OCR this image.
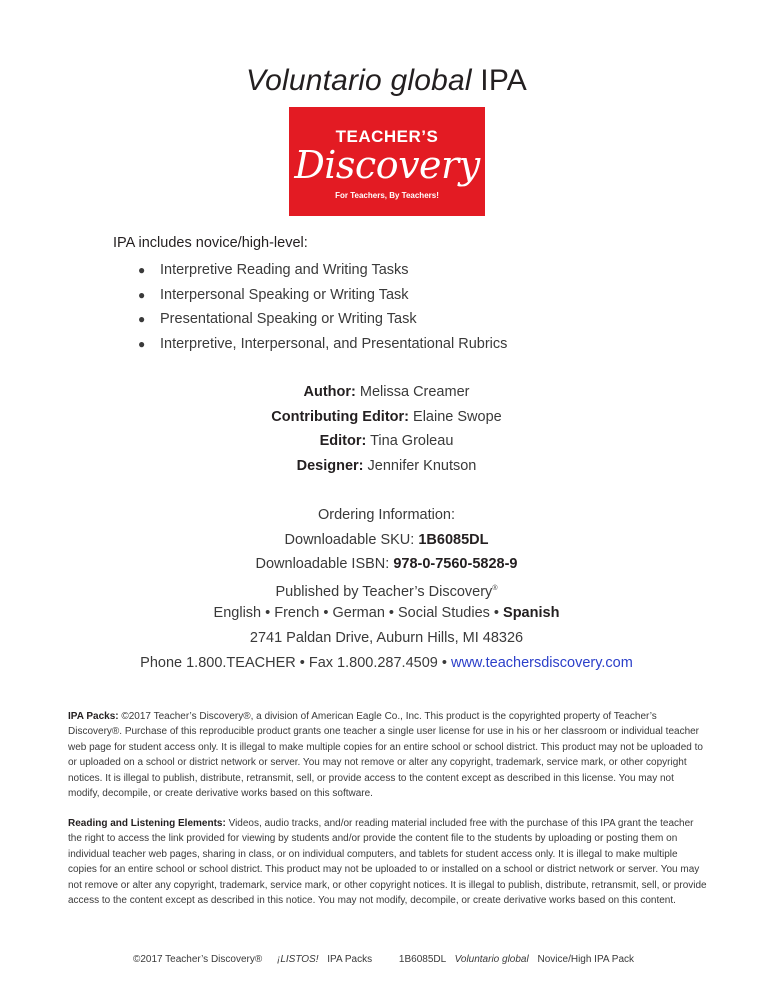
Voluntario global IPA
TEACHER’S
Discovery
For Teachers, By Teachers!
IPA includes novice/high-level:
●	Interpretive Reading and Writing Tasks
●	Interpersonal Speaking or Writing Task
●	Presentational Speaking or Writing Task
●	Interpretive, Interpersonal, and Presentational Rubrics
Author: Melissa Creamer
Contributing Editor: Elaine Swope
Editor: Tina Groleau
Designer: Jennifer Knutson
Ordering Information:
Downloadable SKU: 1B6085DL
Downloadable ISBN: 978-0-7560-5828-9
Published by Teacher’s Discovery®
English • French • German • Social Studies • Spanish
2741 Paldan Drive, Auburn Hills, MI 48326
Phone 1.800.TEACHER • Fax 1.800.287.4509 • www.teachersdiscovery.com
IPA Packs: ©2017 Teacher’s Discovery®, a division of American Eagle Co., Inc. This product is the copyrighted property of Teacher’s Discovery®. Purchase of this reproducible product grants one teacher a single user license for use in his or her classroom or individual teacher web page for student access only. It is illegal to make multiple copies for an entire school or school district. This product may not be uploaded to or uploaded on a school or district network or server. You may not remove or alter any copyright, trademark, service mark, or other copyright notices. It is illegal to publish, distribute, retransmit, sell, or provide access to the content except as described in this license. You may not modify, decompile, or create derivative works based on this software.
Reading and Listening Elements: Videos, audio tracks, and/or reading material included free with the purchase of this IPA grant the teacher the right to access the link provided for viewing by students and/or provide the content file to the students by uploading or posting them on individual teacher web pages, sharing in class, or on individual computers, and tablets for student access only. It is illegal to make multiple copies for an entire school or school district. This product may not be uploaded to or installed on a school or district network or server. You may not remove or alter any copyright, trademark, service mark, or other copyright notices. It is illegal to publish, distribute, retransmit, sell, or provide access to the content except as described in this notice. You may not modify, decompile, or create derivative works based on this content.
©2017 Teacher’s Discovery® ¡LISTOS! IPA Packs	1B6085DL Voluntario global Novice/High IPA Pack
